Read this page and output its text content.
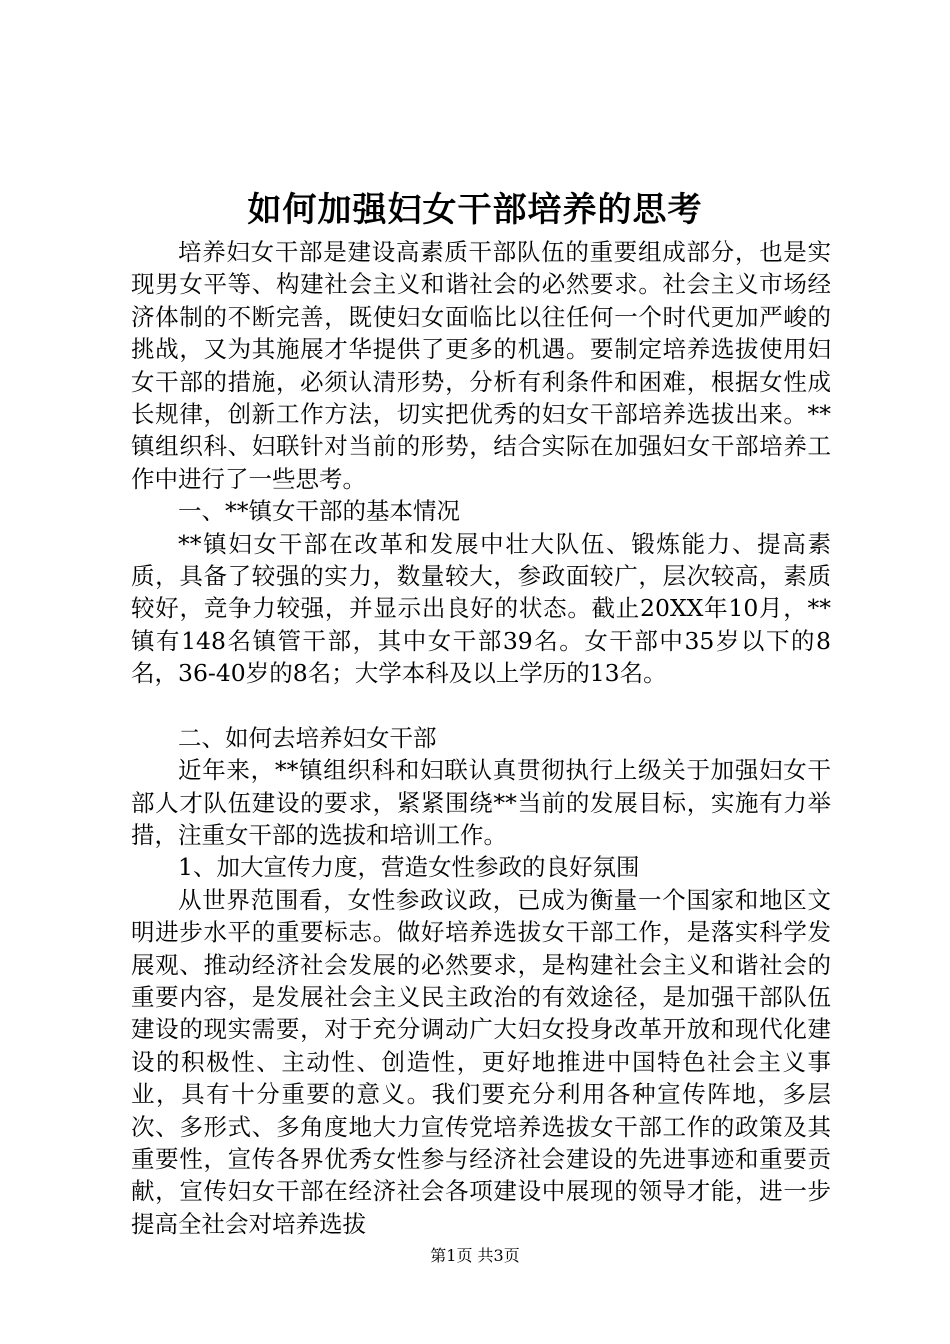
如何加强妇女干部培养的思考

培养妇女干部是建设高素质干部队伍的重要组成部分，也是实现男女平等、构建社会主义和谐社会的必然要求。社会主义市场经济体制的不断完善，既使妇女面临比以往任何一个时代更加严峻的挑战，又为其施展才华提供了更多的机遇。要制定培养选拔使用妇女干部的措施，必须认清形势，分析有利条件和困难，根据女性成长规律，创新工作方法，切实把优秀的妇女干部培养选拔出来。**镇组织科、妇联针对当前的形势，结合实际在加强妇女干部培养工作中进行了一些思考。

一、**镇女干部的基本情况

**镇妇女干部在改革和发展中壮大队伍、锻炼能力、提高素质，具备了较强的实力，数量较大，参政面较广，层次较高，素质较好，竞争力较强，并显示出良好的状态。截止20XX年10月，**镇有148名镇管干部，其中女干部39名。女干部中35岁以下的8名，36-40岁的8名；大学本科及以上学历的13名。

二、如何去培养妇女干部

近年来，**镇组织科和妇联认真贯彻执行上级关于加强妇女干部人才队伍建设的要求，紧紧围绕**当前的发展目标，实施有力举措，注重女干部的选拔和培训工作。

1、加大宣传力度，营造女性参政的良好氛围

从世界范围看，女性参政议政，已成为衡量一个国家和地区文明进步水平的重要标志。做好培养选拔女干部工作，是落实科学发展观、推动经济社会发展的必然要求，是构建社会主义和谐社会的重要内容，是发展社会主义民主政治的有效途径，是加强干部队伍建设的现实需要，对于充分调动广大妇女投身改革开放和现代化建设的积极性、主动性、创造性，更好地推进中国特色社会主义事业，具有十分重要的意义。我们要充分利用各种宣传阵地，多层次、多形式、多角度地大力宣传党培养选拔女干部工作的政策及其重要性，宣传各界优秀女性参与经济社会建设的先进事迹和重要贡献，宣传妇女干部在经济社会各项建设中展现的领导才能，进一步提高全社会对培养选拔

第1页 共3页
